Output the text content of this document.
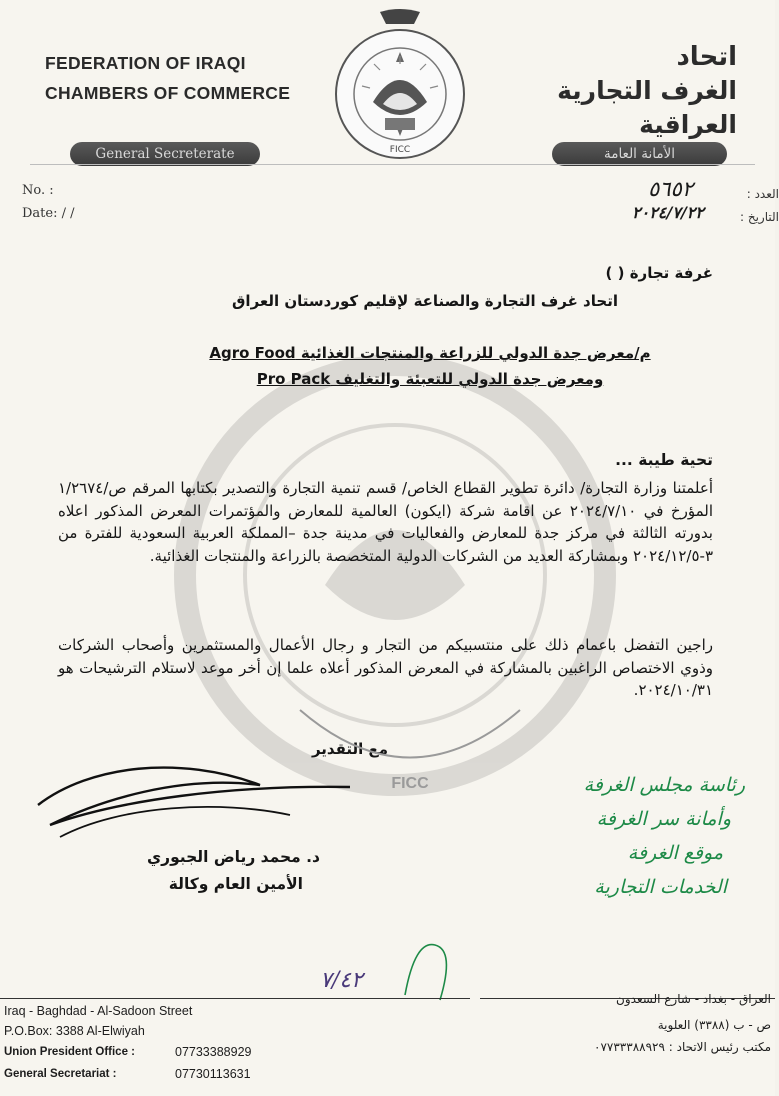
FEDERATION OF IRAQI
CHAMBERS OF COMMERCE
FICC
اتحاد
الغرف التجارية العراقية
General Secreterate	الأمانة العامة
No. :
Date: / /
العدد :
التاريخ :
٥٦٥٢
٢٠٢٤/٧/٢٢
غرفة تجارة ( )
اتحاد غرف التجارة والصناعة لإقليم كوردستان العراق
م/معرض جدة الدولي للزراعة والمنتجات الغذائية Agro Food
ومعرض جدة الدولي للتعبئة والتغليف Pro Pack
تحية طيبة ...
أعلمتنا وزارة التجارة/ دائرة تطوير القطاع الخاص/ قسم تنمية التجارة والتصدير بكتابها المرقم ص/١/٢٦٧٤ المؤرخ في ٢٠٢٤/٧/١٠ عن اقامة شركة (ايكون) العالمية للمعارض والمؤتمرات المعرض المذكور اعلاه بدورته الثالثة في مركز جدة للمعارض والفعاليات في مدينة جدة –المملكة العربية السعودية للفترة من ٣-٢٠٢٤/١٢/٥ وبمشاركة العديد من الشركات الدولية المتخصصة بالزراعة والمنتجات الغذائية.
راجين التفضل باعمام ذلك على منتسبيكم من التجار و رجال الأعمال والمستثمرين وأصحاب الشركات وذوي الاختصاص الراغبين بالمشاركة في المعرض المذكور أعلاه علما إن أخر موعد لاستلام الترشيحات هو ٢٠٢٤/١٠/٣١.
مع التقدير
FICC
د. محمد رياض الجبوري
الأمين العام وكالة
رئاسة مجلس الغرفة
وأمانة سر الغرفة
موقع الغرفة
الخدمات التجارية
٧/٤٢
Iraq - Baghdad - Al-Sadoon Street
P.O.Box: 3388 Al-Elwiyah
Union President Office :	07733388929
General Secretariat :	07730113631
العراق - بغداد - شارع السعدون
ص - ب (٣٣٨٨) العلوية
مكتب رئيس الاتحاد : ٠٧٧٣٣٣٨٨٩٢٩
